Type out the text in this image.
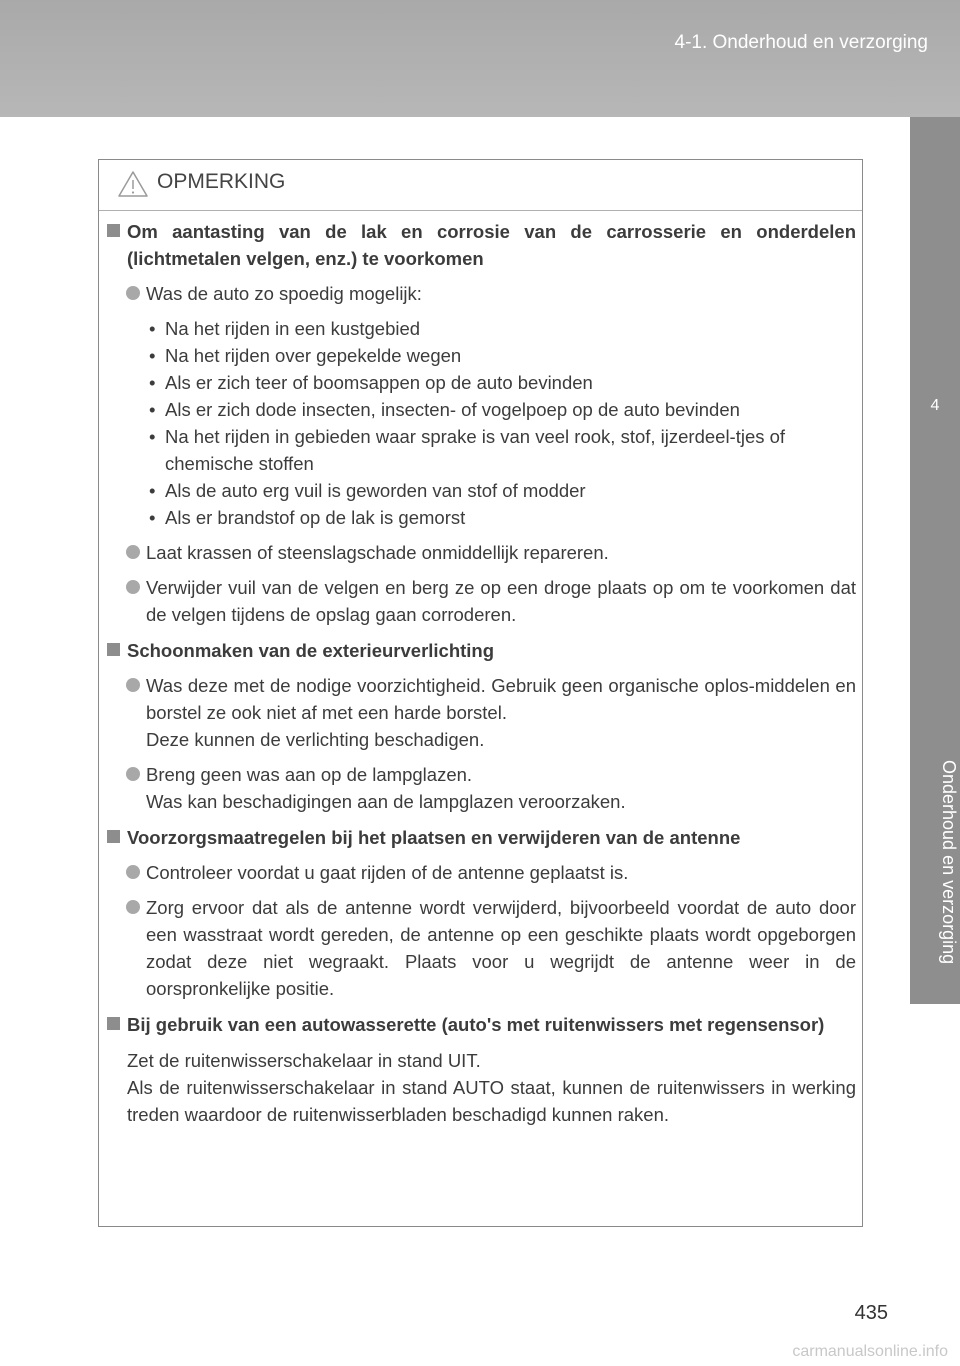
4-1. Onderhoud en verzorging
4
Onderhoud en verzorging
OPMERKING
Om aantasting van de lak en corrosie van de carrosserie en onderdelen (lichtmetalen velgen, enz.) te voorkomen
Was de auto zo spoedig mogelijk:
• Na het rijden in een kustgebied
• Na het rijden over gepekelde wegen
• Als er zich teer of boomsappen op de auto bevinden
• Als er zich dode insecten, insecten- of vogelpoep op de auto bevinden
• Na het rijden in gebieden waar sprake is van veel rook, stof, ijzerdeel-tjes of chemische stoffen
• Als de auto erg vuil is geworden van stof of modder
• Als er brandstof op de lak is gemorst
Laat krassen of steenslagschade onmiddellijk repareren.
Verwijder vuil van de velgen en berg ze op een droge plaats op om te voorkomen dat de velgen tijdens de opslag gaan corroderen.
Schoonmaken van de exterieurverlichting
Was deze met de nodige voorzichtigheid. Gebruik geen organische oplos-middelen en borstel ze ook niet af met een harde borstel.
Deze kunnen de verlichting beschadigen.
Breng geen was aan op de lampglazen.
Was kan beschadigingen aan de lampglazen veroorzaken.
Voorzorgsmaatregelen bij het plaatsen en verwijderen van de antenne
Controleer voordat u gaat rijden of de antenne geplaatst is.
Zorg ervoor dat als de antenne wordt verwijderd, bijvoorbeeld voordat de auto door een wasstraat wordt gereden, de antenne op een geschikte plaats wordt opgeborgen zodat deze niet wegraakt. Plaats voor u wegrijdt de antenne weer in de oorspronkelijke positie.
Bij gebruik van een autowasserette (auto's met ruitenwissers met regensensor)
Zet de ruitenwisserschakelaar in stand UIT.
Als de ruitenwisserschakelaar in stand AUTO staat, kunnen de ruitenwissers in werking treden waardoor de ruitenwisserbladen beschadigd kunnen raken.
435
carmanualsonline.info
